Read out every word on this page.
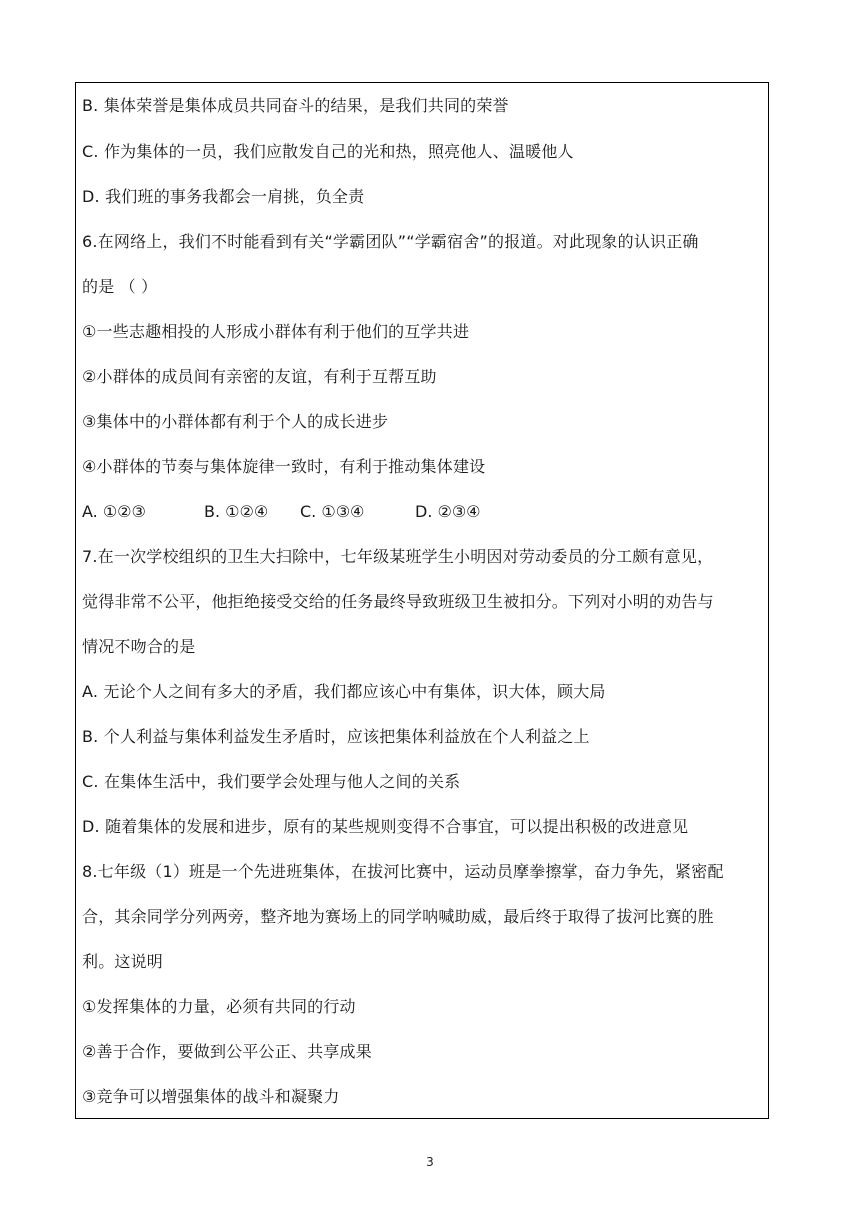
B. 集体荣誉是集体成员共同奋斗的结果，是我们共同的荣誉
C. 作为集体的一员，我们应散发自己的光和热，照亮他人、温暖他人
D. 我们班的事务我都会一肩挑，负全责
6.在网络上，我们不时能看到有关“学霸团队”“学霸宿舍”的报道。对此现象的认识正确
的是 （ ）
①一些志趣相投的人形成小群体有利于他们的互学共进
②小群体的成员间有亲密的友谊，有利于互帮互助
③集体中的小群体都有利于个人的成长进步
④小群体的节奏与集体旋律一致时，有利于推动集体建设
A. ①②③	B. ①②④ C. ①③④	D. ②③④
7.在一次学校组织的卫生大扫除中，七年级某班学生小明因对劳动委员的分工颇有意见，
觉得非常不公平，他拒绝接受交给的任务最终导致班级卫生被扣分。下列对小明的劝告与
情况不吻合的是
A. 无论个人之间有多大的矛盾，我们都应该心中有集体，识大体，顾大局
B. 个人利益与集体利益发生矛盾时，应该把集体利益放在个人利益之上
C. 在集体生活中，我们要学会处理与他人之间的关系
D. 随着集体的发展和进步，原有的某些规则变得不合事宜，可以提出积极的改进意见
8.七年级（1）班是一个先进班集体，在拔河比赛中，运动员摩拳擦掌，奋力争先，紧密配
合，其余同学分列两旁，整齐地为赛场上的同学呐喊助威，最后终于取得了拔河比赛的胜
利。这说明
①发挥集体的力量，必须有共同的行动
②善于合作，要做到公平公正、共享成果
③竞争可以增强集体的战斗和凝聚力
3
